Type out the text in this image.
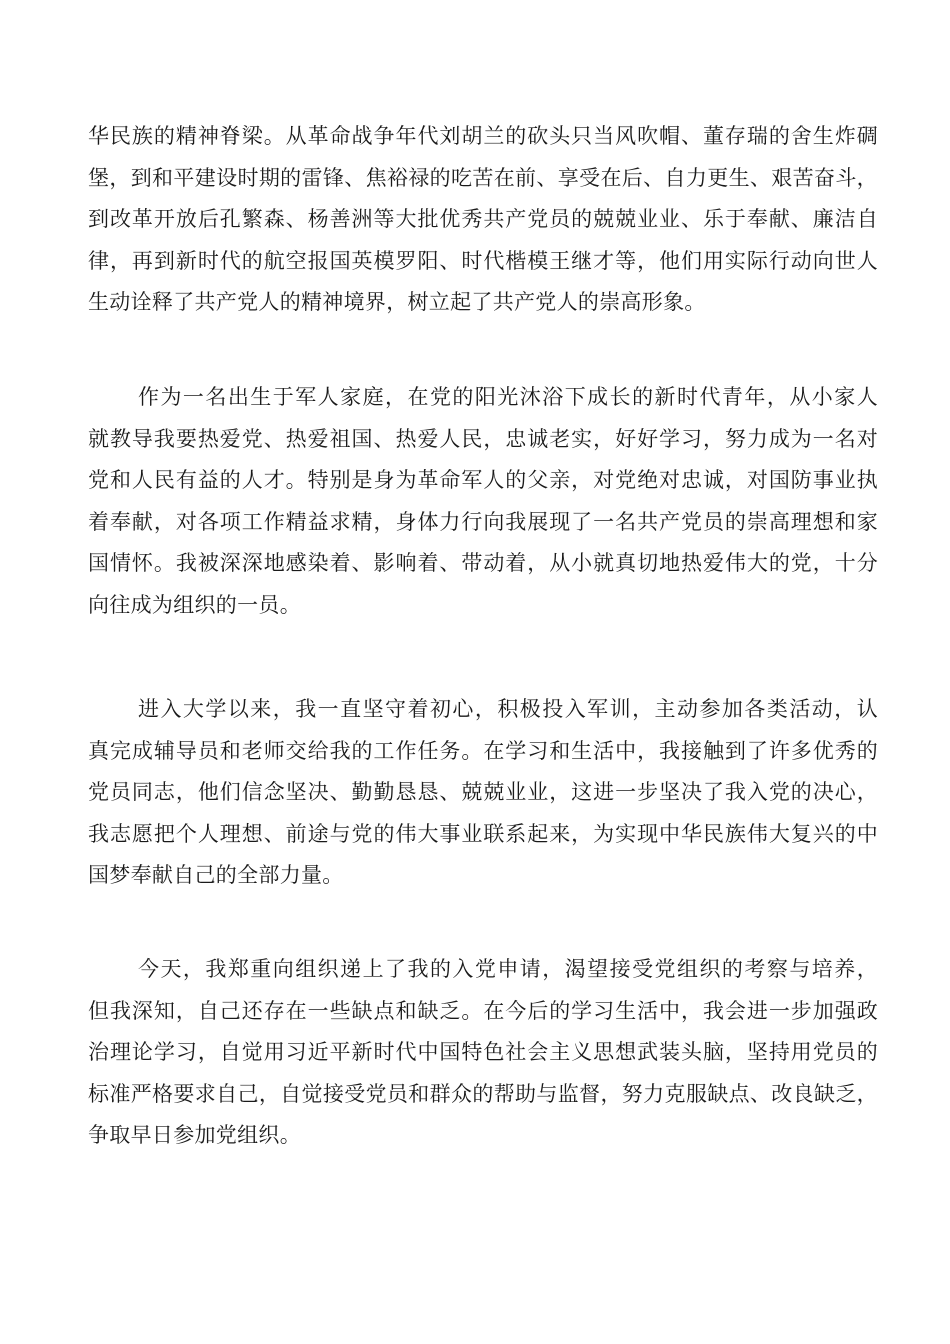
华民族的精神脊梁。从革命战争年代刘胡兰的砍头只当风吹帽、董存瑞的舍生炸碉
堡，到和平建设时期的雷锋、焦裕禄的吃苦在前、享受在后、自力更生、艰苦奋斗，
到改革开放后孔繁森、杨善洲等大批优秀共产党员的兢兢业业、乐于奉献、廉洁自
律，再到新时代的航空报国英模罗阳、时代楷模王继才等，他们用实际行动向世人
生动诠释了共产党人的精神境界，树立起了共产党人的崇高形象。
作为一名出生于军人家庭，在党的阳光沐浴下成长的新时代青年，从小家人
就教导我要热爱党、热爱祖国、热爱人民，忠诚老实，好好学习，努力成为一名对
党和人民有益的人才。特别是身为革命军人的父亲，对党绝对忠诚，对国防事业执
着奉献，对各项工作精益求精，身体力行向我展现了一名共产党员的崇高理想和家
国情怀。我被深深地感染着、影响着、带动着，从小就真切地热爱伟大的党，十分
向往成为组织的一员。
进入大学以来，我一直坚守着初心，积极投入军训，主动参加各类活动，认
真完成辅导员和老师交给我的工作任务。在学习和生活中，我接触到了许多优秀的
党员同志，他们信念坚决、勤勤恳恳、兢兢业业，这进一步坚决了我入党的决心，
我志愿把个人理想、前途与党的伟大事业联系起来，为实现中华民族伟大复兴的中
国梦奉献自己的全部力量。
今天，我郑重向组织递上了我的入党申请，渴望接受党组织的考察与培养，
但我深知，自己还存在一些缺点和缺乏。在今后的学习生活中，我会进一步加强政
治理论学习，自觉用习近平新时代中国特色社会主义思想武装头脑，坚持用党员的
标准严格要求自己，自觉接受党员和群众的帮助与监督，努力克服缺点、改良缺乏，
争取早日参加党组织。
